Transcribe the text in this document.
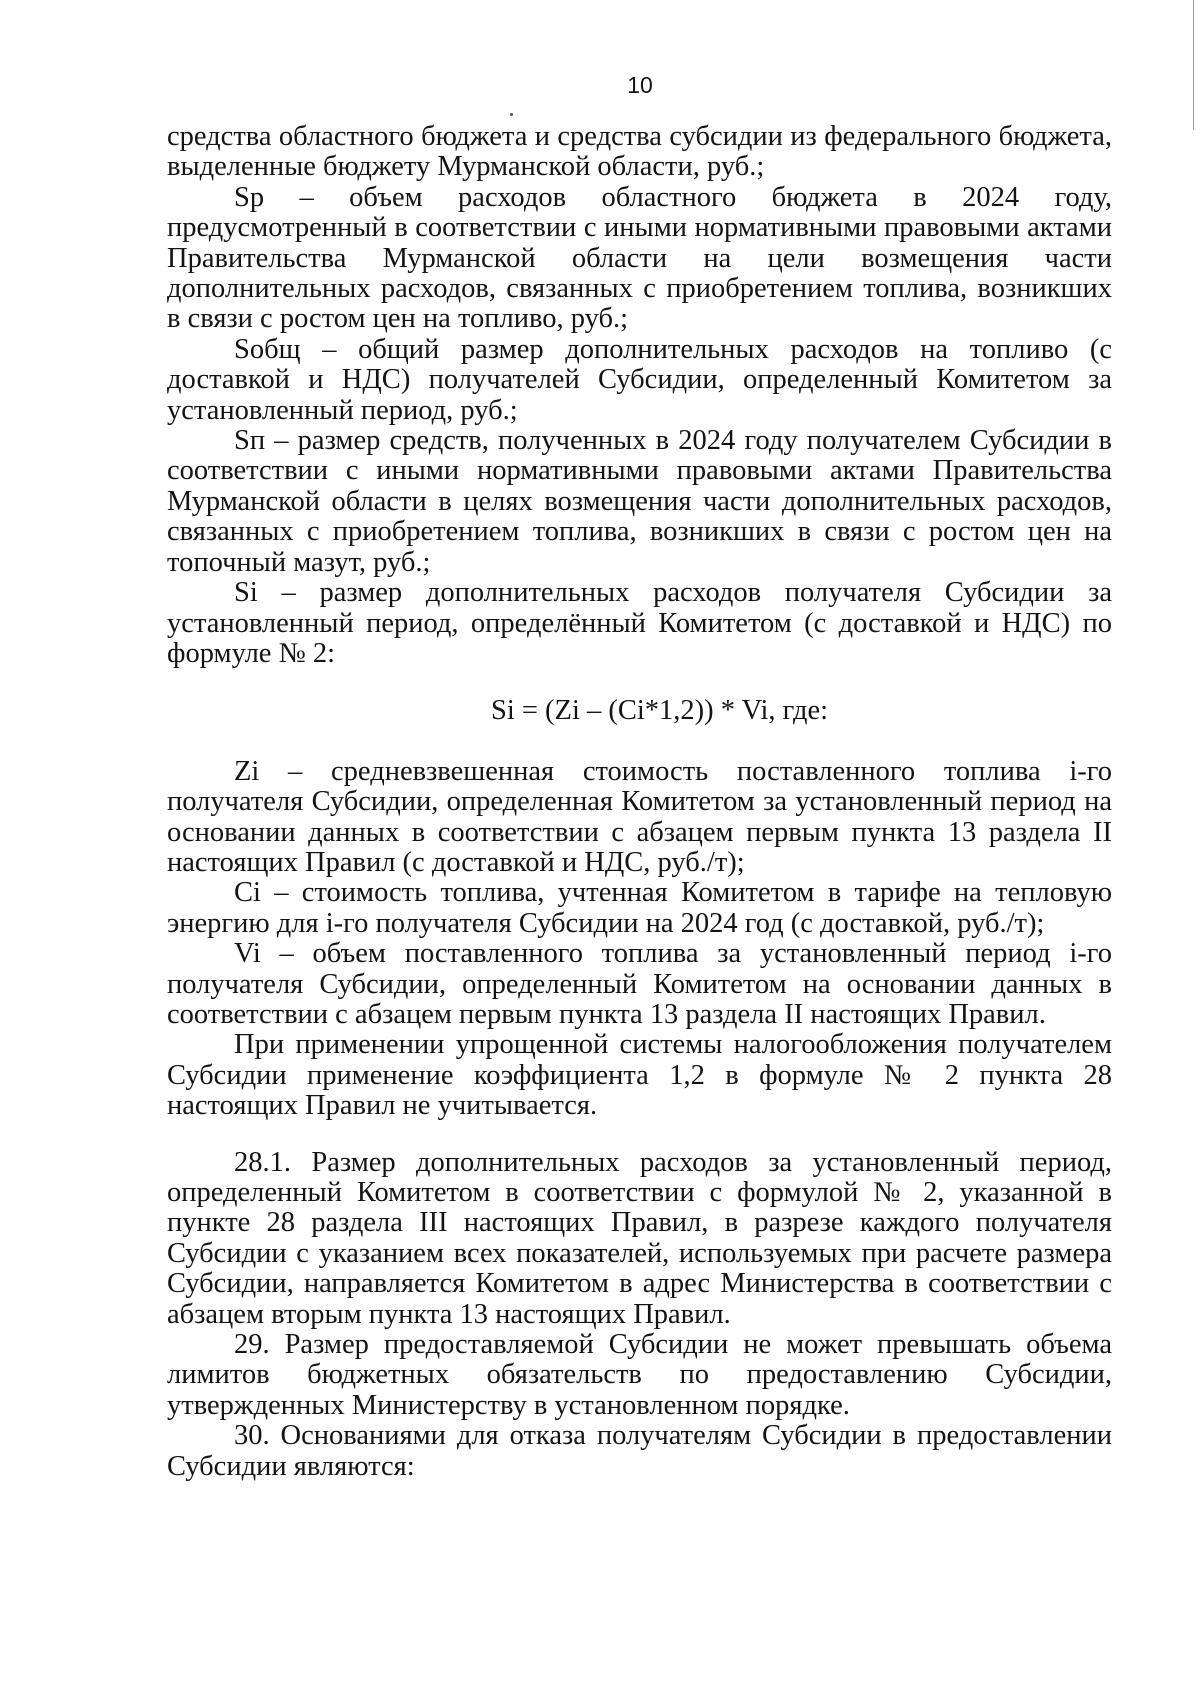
10

средства областного бюджета и средства субсидии из федерального бюджета, выделенные бюджету Мурманской области, руб.;

Sp – объем расходов областного бюджета в 2024 году, предусмотренный в соответствии с иными нормативными правовыми актами Правительства Мурманской области на цели возмещения части дополнительных расходов, связанных с приобретением топлива, возникших в связи с ростом цен на топливо, руб.;

Sобщ – общий размер дополнительных расходов на топливо (с доставкой и НДС) получателей Субсидии, определенный Комитетом за установленный период, руб.;

Sп – размер средств, полученных в 2024 году получателем Субсидии в соответствии с иными нормативными правовыми актами Правительства Мурманской области в целях возмещения части дополнительных расходов, связанных с приобретением топлива, возникших в связи с ростом цен на топочный мазут, руб.;

Si – размер дополнительных расходов получателя Субсидии за установленный период, определённый Комитетом (с доставкой и НДС) по формуле № 2:

Si = (Zi – (Ci*1,2)) * Vi, где:

Zi – средневзвешенная стоимость поставленного топлива i-го получателя Субсидии, определенная Комитетом за установленный период на основании данных в соответствии с абзацем первым пункта 13 раздела II настоящих Правил (с доставкой и НДС, руб./т);

Ci – стоимость топлива, учтенная Комитетом в тарифе на тепловую энергию для i-го получателя Субсидии на 2024 год (с доставкой, руб./т);

Vi – объем поставленного топлива за установленный период i-го получателя Субсидии, определенный Комитетом на основании данных в соответствии с абзацем первым пункта 13 раздела II настоящих Правил.

При применении упрощенной системы налогообложения получателем Субсидии применение коэффициента 1,2 в формуле № 2 пункта 28 настоящих Правил не учитывается.

28.1. Размер дополнительных расходов за установленный период, определенный Комитетом в соответствии с формулой № 2, указанной в пункте 28 раздела III настоящих Правил, в разрезе каждого получателя Субсидии с указанием всех показателей, используемых при расчете размера Субсидии, направляется Комитетом в адрес Министерства в соответствии с абзацем вторым пункта 13 настоящих Правил.

29. Размер предоставляемой Субсидии не может превышать объема лимитов бюджетных обязательств по предоставлению Субсидии, утвержденных Министерству в установленном порядке.

30. Основаниями для отказа получателям Субсидии в предоставлении Субсидии являются:
